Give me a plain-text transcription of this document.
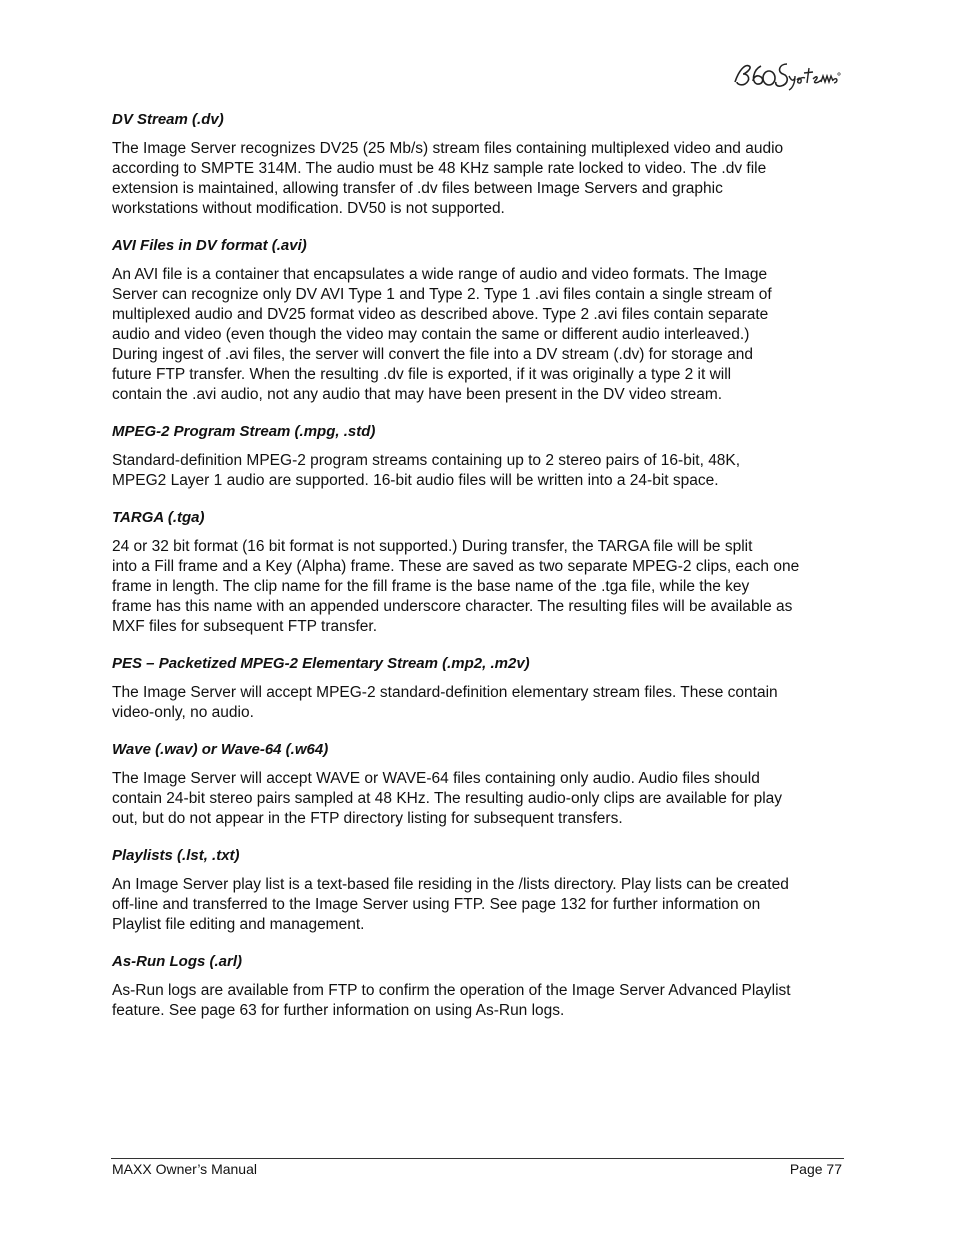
DV Stream (.dv)

The Image Server recognizes DV25 (25 Mb/s) stream files containing multiplexed video and audio
according to SMPTE 314M. The audio must be 48 KHz sample rate locked to video. The .dv file
extension is maintained, allowing transfer of .dv files between Image Servers and graphic
workstations without modification. DV50 is not supported.

AVI Files in DV format (.avi)

An AVI file is a container that encapsulates a wide range of audio and video formats. The Image
Server can recognize only DV AVI Type 1 and Type 2. Type 1 .avi files contain a single stream of
multiplexed audio and DV25 format video as described above. Type 2 .avi files contain separate
audio and video (even though the video may contain the same or different audio interleaved.)
During ingest of .avi files, the server will convert the file into a DV stream (.dv) for storage and
future FTP transfer. When the resulting .dv file is exported, if it was originally a type 2 it will
contain the .avi audio, not any audio that may have been present in the DV video stream.

MPEG-2 Program Stream (.mpg, .std)

Standard-definition MPEG-2 program streams containing up to 2 stereo pairs of 16-bit, 48K,
MPEG2 Layer 1 audio are supported. 16-bit audio files will be written into a 24-bit space.

TARGA (.tga)

24 or 32 bit format (16 bit format is not supported.) During transfer, the TARGA file will be split
into a Fill frame and a Key (Alpha) frame. These are saved as two separate MPEG-2 clips, each one
frame in length. The clip name for the fill frame is the base name of the .tga file, while the key
frame has this name with an appended underscore character. The resulting files will be available as
MXF files for subsequent FTP transfer.

PES – Packetized MPEG-2 Elementary Stream (.mp2, .m2v)

The Image Server will accept MPEG-2 standard-definition elementary stream files. These contain
video-only, no audio.

Wave (.wav) or Wave-64 (.w64)

The Image Server will accept WAVE or WAVE-64 files containing only audio. Audio files should
contain 24-bit stereo pairs sampled at 48 KHz. The resulting audio-only clips are available for play
out, but do not appear in the FTP directory listing for subsequent transfers.

Playlists (.lst, .txt)

An Image Server play list is a text-based file residing in the /lists directory. Play lists can be created
off-line and transferred to the Image Server using FTP. See page 132 for further information on
Playlist file editing and management.

As-Run Logs (.arl)

As-Run logs are available from FTP to confirm the operation of the Image Server Advanced Playlist
feature. See page 63 for further information on using As-Run logs.

MAXX Owner’s Manual	Page 77
